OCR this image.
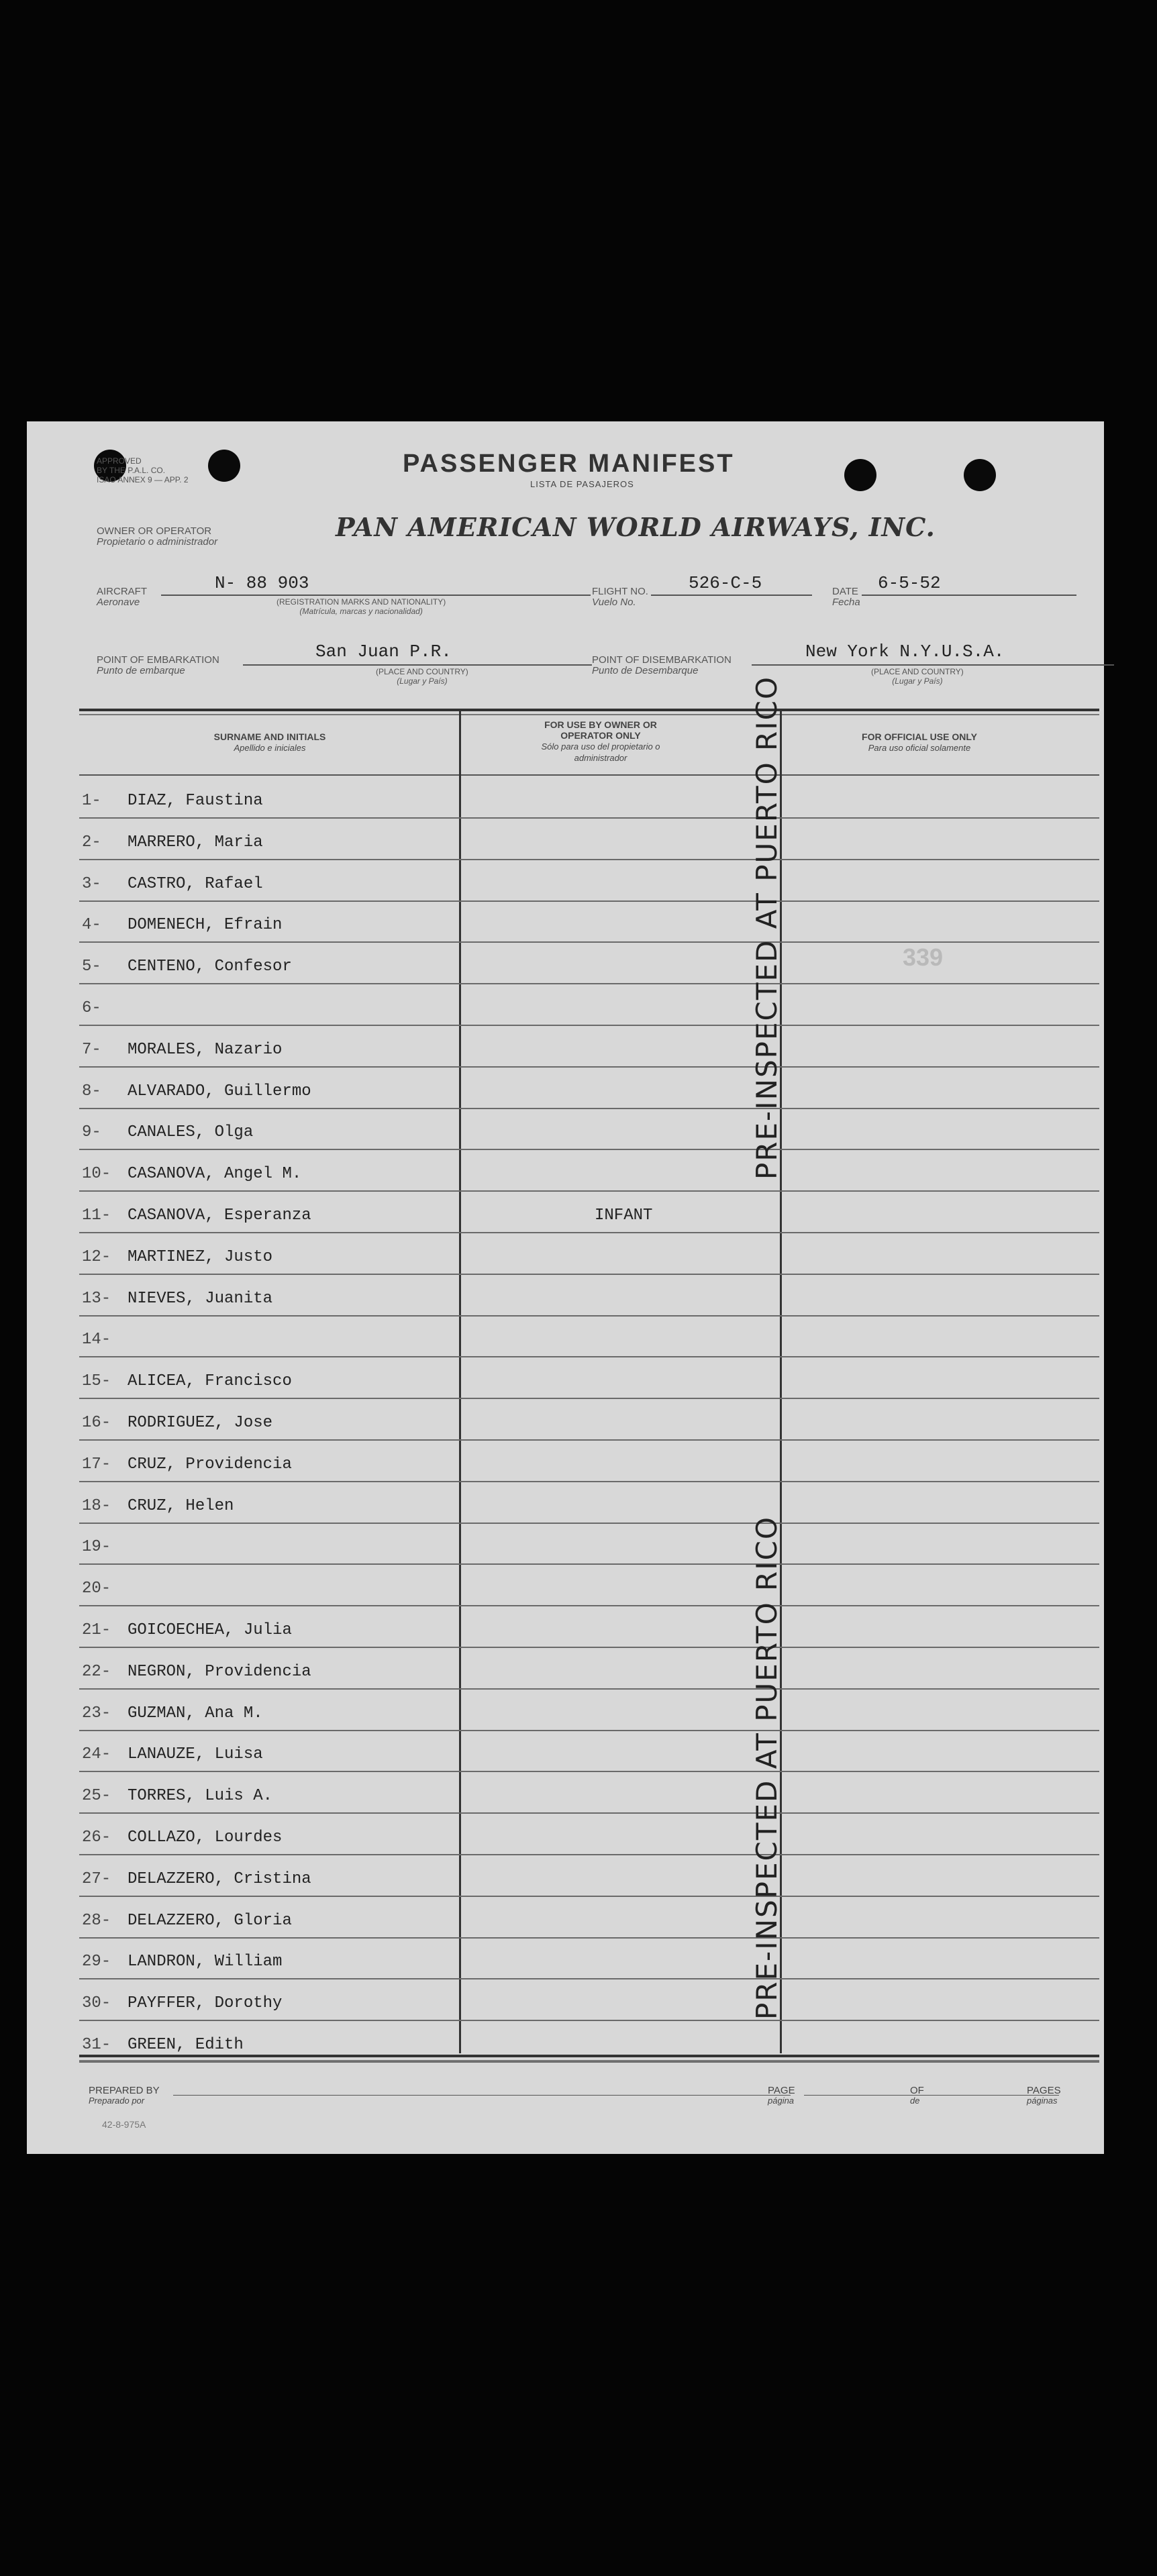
APPROVED
BY THE P.A.L. CO.
ISAO ANNEX 9 — APP. 2
PASSENGER MANIFEST
LISTA DE PASAJEROS
OWNER OR OPERATOR
Propietario o administrador	PAN AMERICAN WORLD AIRWAYS, INC.
AIRCRAFT
Aeronave
N- 88 903
(REGISTRATION MARKS AND NATIONALITY)
(Matrícula, marcas y nacionalidad)
FLIGHT NO.
Vuelo No.
526-C-5	DATE
Fecha
6-5-52
POINT OF EMBARKATION
Punto de embarque
San Juan P.R.
(PLACE AND COUNTRY)
(Lugar y País)
POINT OF DISEMBARKATION
Punto de Desembarque
New York N.Y.U.S.A.
(PLACE AND COUNTRY)
(Lugar y País)
SURNAME AND INITIALS
Apellido e iniciales
FOR USE BY OWNER OR OPERATOR ONLY
Sólo para uso del propietario o administrador
FOR OFFICIAL USE ONLY
Para uso oficial solamente
1- DIAZ, Faustina
2- MARRERO, Maria
3- CASTRO, Rafael
4- DOMENECH, Efrain
5- CENTENO, Confesor
6-
7- MORALES, Nazario
8- ALVARADO, Guillermo
9- CANALES, Olga
10- CASANOVA, Angel M.
11- CASANOVA, Esperanza	INFANT
12- MARTINEZ, Justo
13- NIEVES, Juanita
14-
15- ALICEA, Francisco
16- RODRIGUEZ, Jose
17- CRUZ, Providencia
18- CRUZ, Helen
19-
20-
21- GOICOECHEA, Julia
22- NEGRON, Providencia
23- GUZMAN, Ana M.
24- LANAUZE, Luisa
25- TORRES, Luis A.
26- COLLAZO, Lourdes
27- DELAZZERO, Cristina
28- DELAZZERO, Gloria
29- LANDRON, William
30- PAYFFER, Dorothy
31- GREEN, Edith
PRE-INSPECTED AT PUERTO RICO
PRE-INSPECTED AT PUERTO RICO
339
PREPARED BY
Preparado por
42-8-975A
PAGE
página
OF
de
PAGES
páginas
